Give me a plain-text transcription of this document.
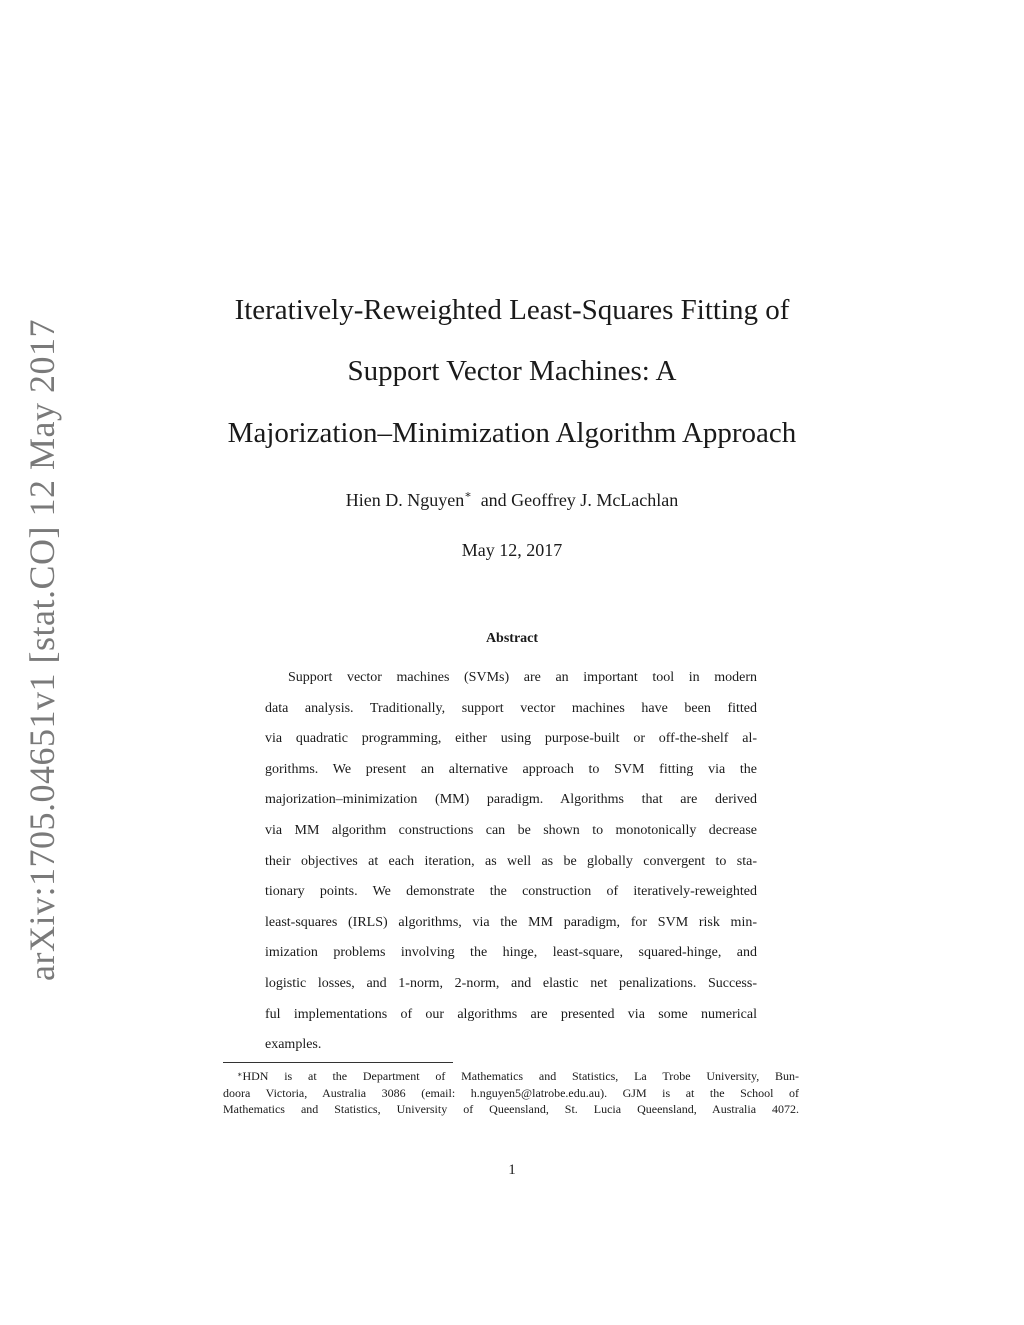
arXiv:1705.04651v1 [stat.CO] 12 May 2017
Iteratively-Reweighted Least-Squares Fitting of
Support Vector Machines: A
Majorization–Minimization Algorithm Approach
Hien D. Nguyen∗ and Geoffrey J. McLachlan
May 12, 2017
Abstract
Support vector machines (SVMs) are an important tool in modern
data analysis. Traditionally, support vector machines have been fitted
via quadratic programming, either using purpose-built or off-the-shelf al-
gorithms. We present an alternative approach to SVM fitting via the
majorization–minimization (MM) paradigm. Algorithms that are derived
via MM algorithm constructions can be shown to monotonically decrease
their objectives at each iteration, as well as be globally convergent to sta-
tionary points. We demonstrate the construction of iteratively-reweighted
least-squares (IRLS) algorithms, via the MM paradigm, for SVM risk min-
imization problems involving the hinge, least-square, squared-hinge, and
logistic losses, and 1-norm, 2-norm, and elastic net penalizations. Success-
ful implementations of our algorithms are presented via some numerical
examples.
∗HDN is at the Department of Mathematics and Statistics, La Trobe University, Bun-
doora Victoria, Australia 3086 (email: h.nguyen5@latrobe.edu.au). GJM is at the School of
Mathematics and Statistics, University of Queensland, St. Lucia Queensland, Australia 4072.
1
